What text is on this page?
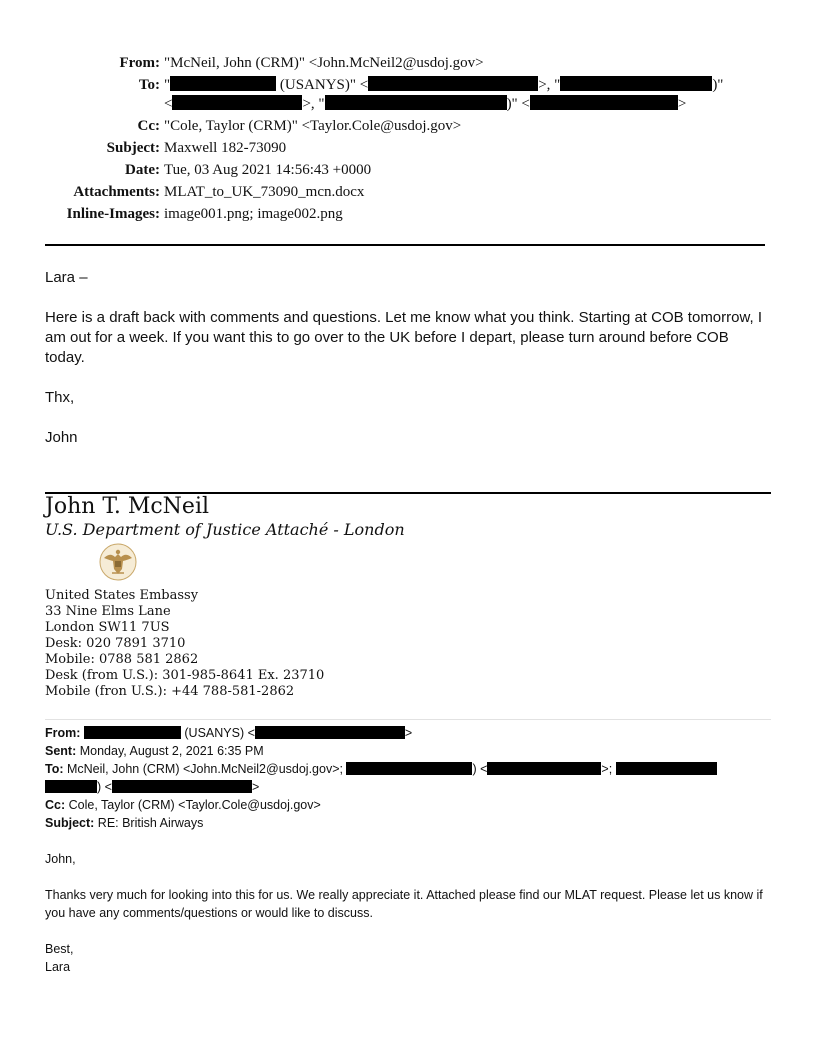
From: "McNeil, John (CRM)" <John.McNeil2@usdoj.gov>
To: "	(USANYS)" <	>, "	)"
<	>, "	)" <	>
Cc: "Cole, Taylor (CRM)" <Taylor.Cole@usdoj.gov>
Subject: Maxwell 182-73090
Date: Tue, 03 Aug 2021 14:56:43 +0000
Attachments: MLAT_to_UK_73090_mcn.docx
Inline-Images: image001.png; image002.png
Lara –
Here is a draft back with comments and questions. Let me know what you think. Starting at COB tomorrow, I am out for a week. If you want this to go over to the UK before I depart, please turn around before COB today.
Thx,
John
John T. McNeil
U.S. Department of Justice Attaché - London
United States Embassy
33 Nine Elms Lane
London SW11 7US
Desk: 020 7891 3710
Mobile: 0788 581 2862
Desk (from U.S.): 301-985-8641 Ex. 23710
Mobile (fron U.S.): +44 788-581-2862
From:	(USANYS) <	>
Sent: Monday, August 2, 2021 6:35 PM
To: McNeil, John (CRM) <John.McNeil2@usdoj.gov>;	) <	>;
) <	>
Cc: Cole, Taylor (CRM) <Taylor.Cole@usdoj.gov>
Subject: RE: British Airways
John,
Thanks very much for looking into this for us. We really appreciate it. Attached please find our MLAT request. Please let us know if you have any comments/questions or would like to discuss.
Best,
Lara
